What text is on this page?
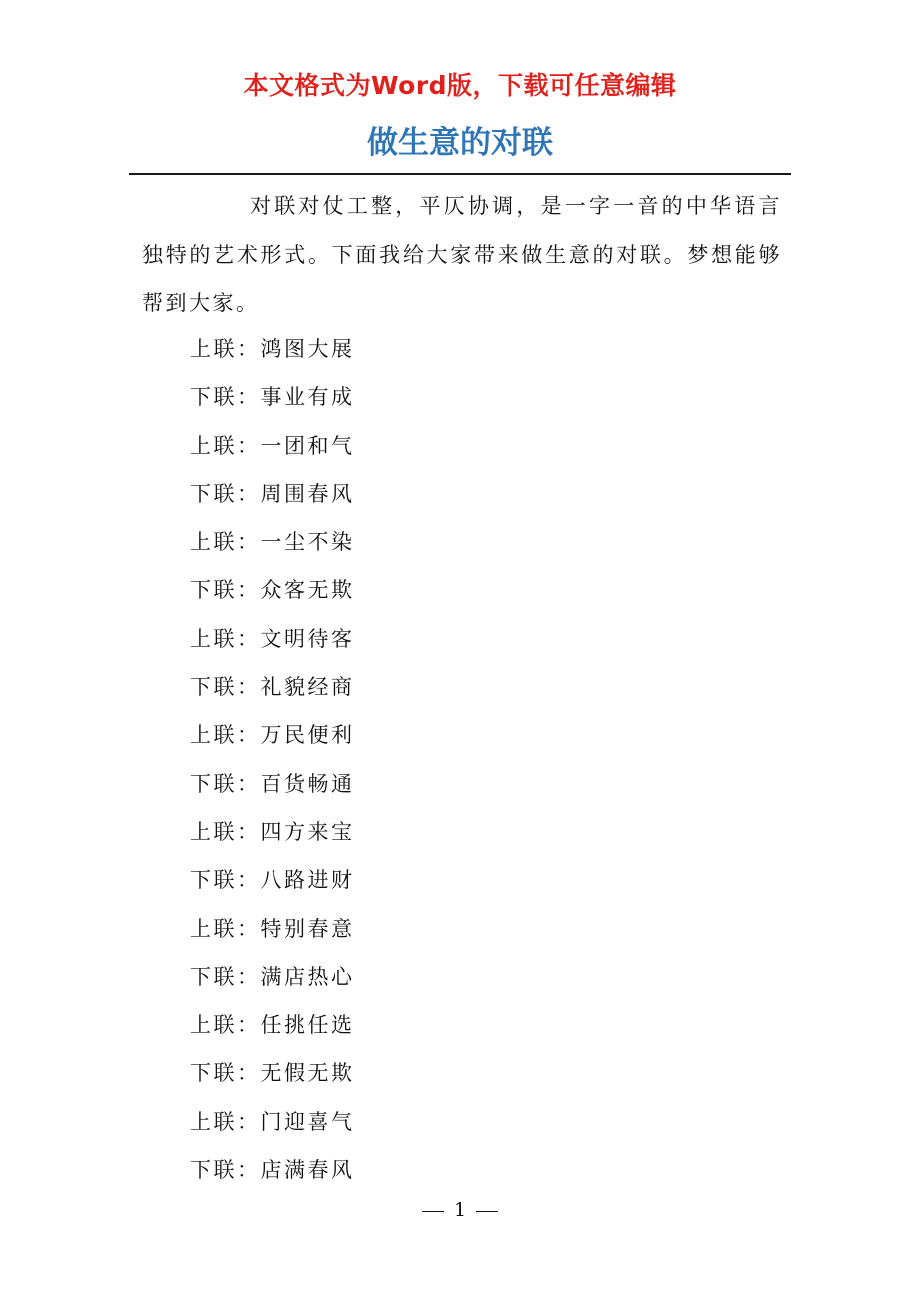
本文格式为Word版，下载可任意编辑
做生意的对联

对联对仗工整，平仄协调，是一字一音的中华语言独特的艺术形式。下面我给大家带来做生意的对联。梦想能够帮到大家。

上联：鸿图大展
下联：事业有成
上联：一团和气
下联：周围春风
上联：一尘不染
下联：众客无欺
上联：文明待客
下联：礼貌经商
上联：万民便利
下联：百货畅通
上联：四方来宝
下联：八路进财
上联：特别春意
下联：满店热心
上联：任挑任选
下联：无假无欺
上联：门迎喜气
下联：店满春风
1
